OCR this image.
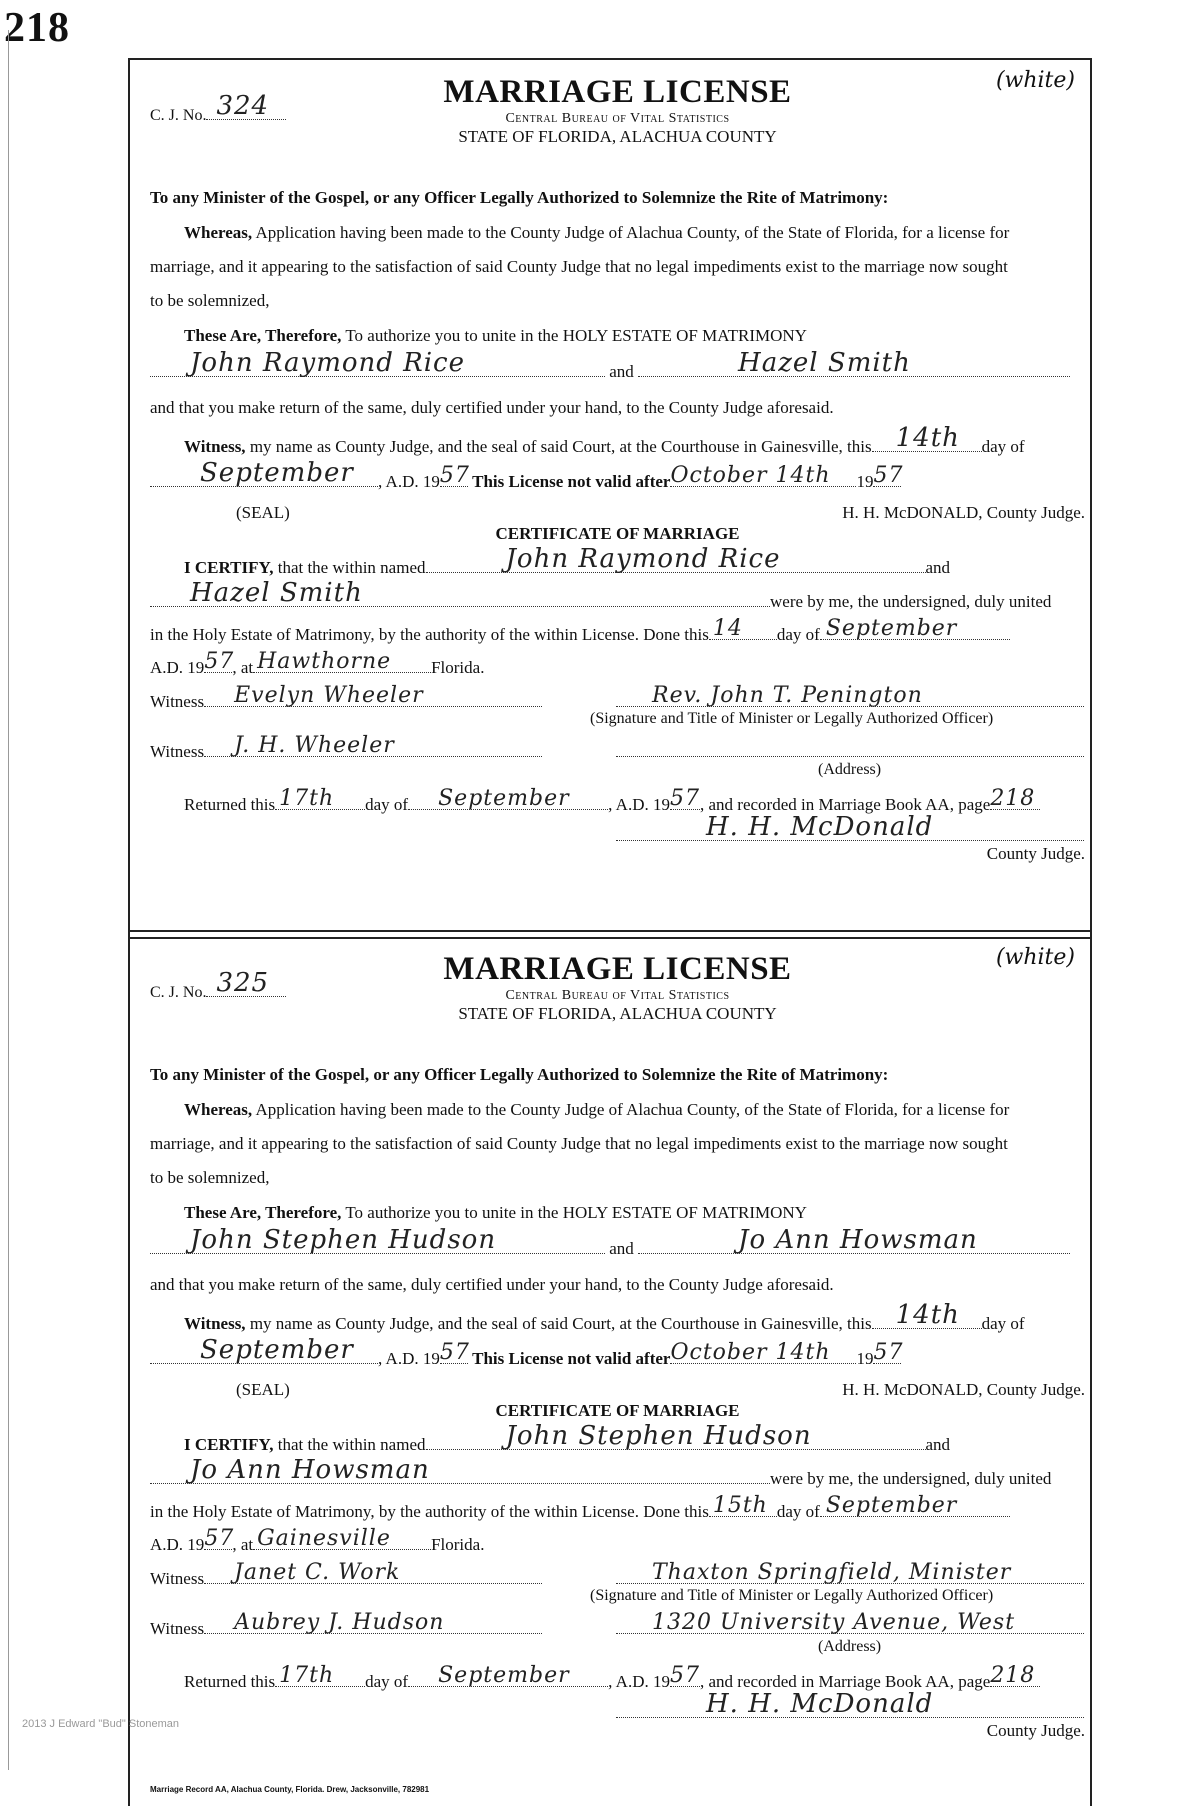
218
(white)
C. J. No. 324	MARRIAGE LICENSE
Central Bureau of Vital Statistics
STATE OF FLORIDA, ALACHUA COUNTY
To any Minister of the Gospel, or any Officer Legally Authorized to Solemnize the Rite of Matrimony:
Whereas, Application having been made to the County Judge of Alachua County, of the State of Florida, for a license for
marriage, and it appearing to the satisfaction of said County Judge that no legal impediments exist to the marriage now sought
to be solemnized,
These Are, Therefore, To authorize you to unite in the HOLY ESTATE OF MATRIMONY
John Raymond Rice	and	Hazel Smith
and that you make return of the same, duly certified under your hand, to the County Judge aforesaid.
Witness, my name as County Judge, and the seal of said Court, at the Courthouse in Gainesville, this 14th day of
September , A.D. 19 57 This License not valid after October 14th 19 57
(SEAL)	H. H. McDONALD, County Judge.
CERTIFICATE OF MARRIAGE
I CERTIFY, that the within named	John Raymond Rice	and
Hazel Smith	were by me, the undersigned, duly united
in the Holy Estate of Matrimony, by the authority of the within License. Done this 14 day of September
A.D. 19 57
, at Hawthorne Florida.
Witness Evelyn Wheeler	Rev. John T. Penington
(Signature and Title of Minister or Legally Authorized Officer)
Witness J. H. Wheeler
(Address)
Returned this 17th day of September , A.D. 19 57 , and recorded in Marriage Book AA, page 218
H. H. McDonald
County Judge.
(white)
C. J. No. 325	MARRIAGE LICENSE
Central Bureau of Vital Statistics
STATE OF FLORIDA, ALACHUA COUNTY
To any Minister of the Gospel, or any Officer Legally Authorized to Solemnize the Rite of Matrimony:
Whereas, Application having been made to the County Judge of Alachua County, of the State of Florida, for a license for
marriage, and it appearing to the satisfaction of said County Judge that no legal impediments exist to the marriage now sought
to be solemnized,
These Are, Therefore, To authorize you to unite in the HOLY ESTATE OF MATRIMONY
John Stephen Hudson	and	Jo Ann Howsman
and that you make return of the same, duly certified under your hand, to the County Judge aforesaid.
Witness, my name as County Judge, and the seal of said Court, at the Courthouse in Gainesville, this 14th day of
September , A.D. 19 57 This License not valid after October 14th 19 57
(SEAL)	H. H. McDONALD, County Judge.
CERTIFICATE OF MARRIAGE
I CERTIFY, that the within named	John Stephen Hudson	and
Jo Ann Howsman	were by me, the undersigned, duly united
in the Holy Estate of Matrimony, by the authority of the within License. Done this 15th day of September
A.D. 19 57
, at Gainesville Florida.
Witness Janet C. Work	Thaxton Springfield, Minister
(Signature and Title of Minister or Legally Authorized Officer)
Witness Aubrey J. Hudson	1320 University Avenue, West
(Address)
Returned this 17th day of September , A.D. 19 57 , and recorded in Marriage Book AA, page 218
H. H. McDonald
County Judge.
Marriage Record AA, Alachua County, Florida. Drew, Jacksonville, 782981
2013 J Edward "Bud" Stoneman
